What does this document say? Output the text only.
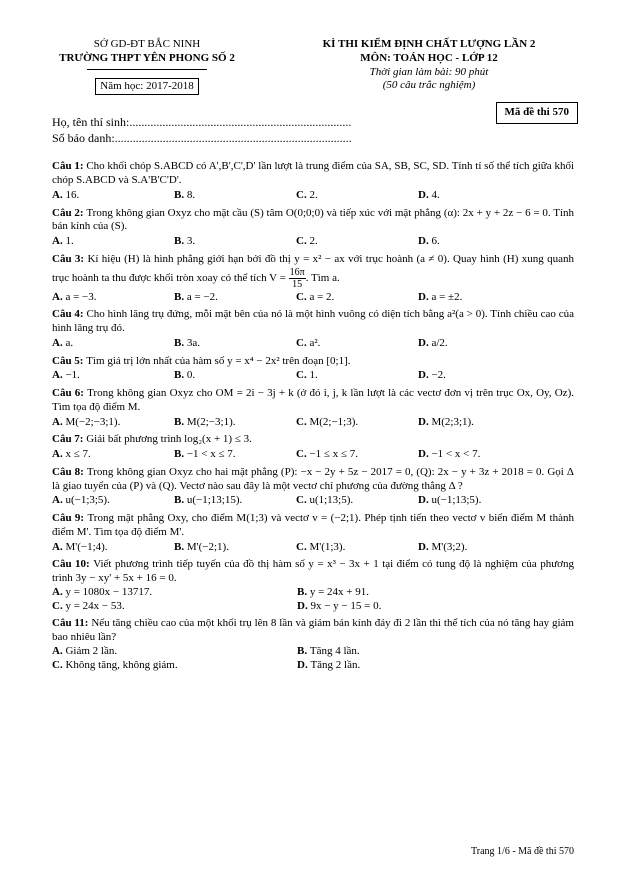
SỞ GD-ĐT BẮC NINH
TRƯỜNG THPT YÊN PHONG SỐ 2
Năm học: 2017-2018
KÌ THI KIỂM ĐỊNH CHẤT LƯỢNG LẦN 2
MÔN: TOÁN HỌC - LỚP 12
Thời gian làm bài: 90 phút
(50 câu trắc nghiệm)
Mã đề thi 570
Họ, tên thí sinh:..........................................................................
Số báo danh:...............................................................................
Câu 1: Cho khối chóp S.ABCD có A',B',C',D' lần lượt là trung điểm của SA, SB, SC, SD. Tính tỉ số thể tích giữa khối chóp S.ABCD và S.A'B'C'D'.
A. 16.	B. 8.	C. 2.	D. 4.
Câu 2: Trong không gian Oxyz cho mặt cầu (S) tâm O(0;0;0) và tiếp xúc với mặt phẳng (α): 2x + y + 2z − 6 = 0. Tính bán kính của (S).
A. 1.	B. 3.	C. 2.	D. 6.
Câu 3: Kí hiệu (H) là hình phẳng giới hạn bởi đồ thị y = x² − ax với trục hoành (a ≠ 0). Quay hình (H) xung quanh trục hoành ta thu được khối tròn xoay có thể tích $V = \frac{16\pi}{15}$ . Tìm a.
A. a = −3.	B. a = −2.	C. a = 2.	D. a = ±2.
Câu 4: Cho hình lăng trụ đứng, mỗi mặt bên của nó là một hình vuông có diện tích bằng a²(a > 0). Tính chiều cao của hình lăng trụ đó.
A. a.	B. 3a.	C. a².	D. a/2.
Câu 5: Tìm giá trị lớn nhất của hàm số y = x⁴ − 2x² trên đoạn [0;1].
A. −1.	B. 0.	C. 1.	D. −2.
Câu 6: Trong không gian Oxyz cho OM = 2i − 3j + k (ở đó i, j, k lần lượt là các vectơ đơn vị trên trục Ox, Oy, Oz). Tìm tọa độ điểm M.
A. M(−2;−3;1).	B. M(2;−3;1).	C. M(2;−1;3).	D. M(2;3;1).
Câu 7: Giải bất phương trình log₂(x + 1) ≤ 3.
A. x ≤ 7.	B. −1 < x ≤ 7.	C. −1 ≤ x ≤ 7.	D. −1 < x < 7.
Câu 8: Trong không gian Oxyz cho hai mặt phẳng (P): −x − 2y + 5z − 2017 = 0, (Q): 2x − y + 3z + 2018 = 0. Gọi Δ là giao tuyến của (P) và (Q). Vectơ nào sau đây là một vectơ chỉ phương của đường thẳng Δ ?
A. u(−1;3;5).	B. u(−1;13;15).	C. u(1;13;5).	D. u(−1;13;5).
Câu 9: Trong mặt phẳng Oxy, cho điểm M(1;3) và vectơ v = (−2;1). Phép tịnh tiến theo vectơ v biến điểm M thành điểm M'. Tìm tọa độ điểm M'.
A. M'(−1;4).	B. M'(−2;1).	C. M'(1;3).	D. M'(3;2).
Câu 10: Viết phương trình tiếp tuyến của đồ thị hàm số y = x³ − 3x + 1 tại điểm có tung độ là nghiệm của phương trình 3y − xy' + 5x + 16 = 0.
A. y = 1080x − 13717.	B. y = 24x + 91.
C. y = 24x − 53.	D. 9x − y − 15 = 0.
Câu 11: Nếu tăng chiều cao của một khối trụ lên 8 lần và giảm bán kính đáy đi 2 lần thì thể tích của nó tăng hay giảm bao nhiêu lần?
A. Giảm 2 lần.	B. Tăng 4 lần.
C. Không tăng, không giảm.	D. Tăng 2 lần.
Trang 1/6 - Mã đề thi 570
